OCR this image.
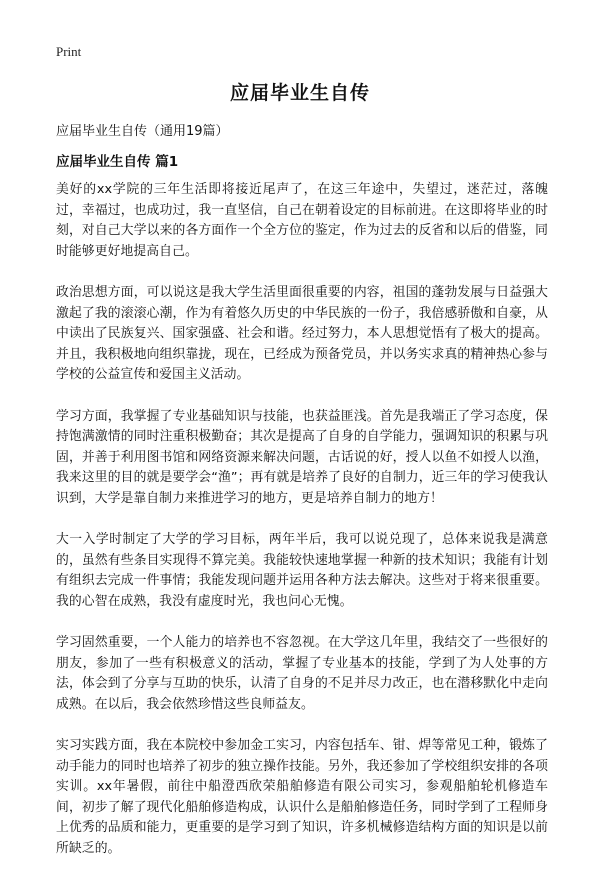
Print
应届毕业生自传
应届毕业生自传（通用19篇）
应届毕业生自传 篇1

美好的xx学院的三年生活即将接近尾声了，在这三年途中，失望过，迷茫过，落魄过，幸福过，也成功过，我一直坚信，自己在朝着设定的目标前进。在这即将毕业的时刻，对自己大学以来的各方面作一个全方位的鉴定，作为过去的反省和以后的借鉴，同时能够更好地提高自己。

政治思想方面，可以说这是我大学生活里面很重要的内容，祖国的蓬勃发展与日益强大激起了我的滚滚心潮，作为有着悠久历史的中华民族的一份子，我倍感骄傲和自豪，从中读出了民族复兴、国家强盛、社会和谐。经过努力，本人思想觉悟有了极大的提高。并且，我积极地向组织靠拢，现在，已经成为预备党员，并以务实求真的精神热心参与学校的公益宣传和爱国主义活动。

学习方面，我掌握了专业基础知识与技能，也获益匪浅。首先是我端正了学习态度，保持饱满激情的同时注重积极勤奋；其次是提高了自身的自学能力，强调知识的积累与巩固，并善于利用图书馆和网络资源来解决问题，古话说的好，授人以鱼不如授人以渔，我来这里的目的就是要学会“渔”；再有就是培养了良好的自制力，近三年的学习使我认识到，大学是靠自制力来推进学习的地方，更是培养自制力的地方！

大一入学时制定了大学的学习目标，两年半后，我可以说兑现了，总体来说我是满意的，虽然有些条目实现得不算完美。我能较快速地掌握一种新的技术知识；我能有计划有组织去完成一件事情；我能发现问题并运用各种方法去解决。这些对于将来很重要。我的心智在成熟，我没有虚度时光，我也问心无愧。

学习固然重要，一个人能力的培养也不容忽视。在大学这几年里，我结交了一些很好的朋友，参加了一些有积极意义的活动，掌握了专业基本的技能，学到了为人处事的方法，体会到了分享与互助的快乐，认清了自身的不足并尽力改正，也在潜移默化中走向成熟。在以后，我会依然珍惜这些良师益友。

实习实践方面，我在本院校中参加金工实习，内容包括车、钳、焊等常见工种，锻炼了动手能力的同时也培养了初步的独立操作技能。另外，我还参加了学校组织安排的各项实训。xx年暑假，前往中船澄西欣荣船舶修造有限公司实习，参观船舶轮机修造车间，初步了解了现代化船舶修造构成，认识什么是船舶修造任务，同时学到了工程师身上优秀的品质和能力，更重要的是学习到了知识，许多机械修造结构方面的知识是以前所缺乏的。
